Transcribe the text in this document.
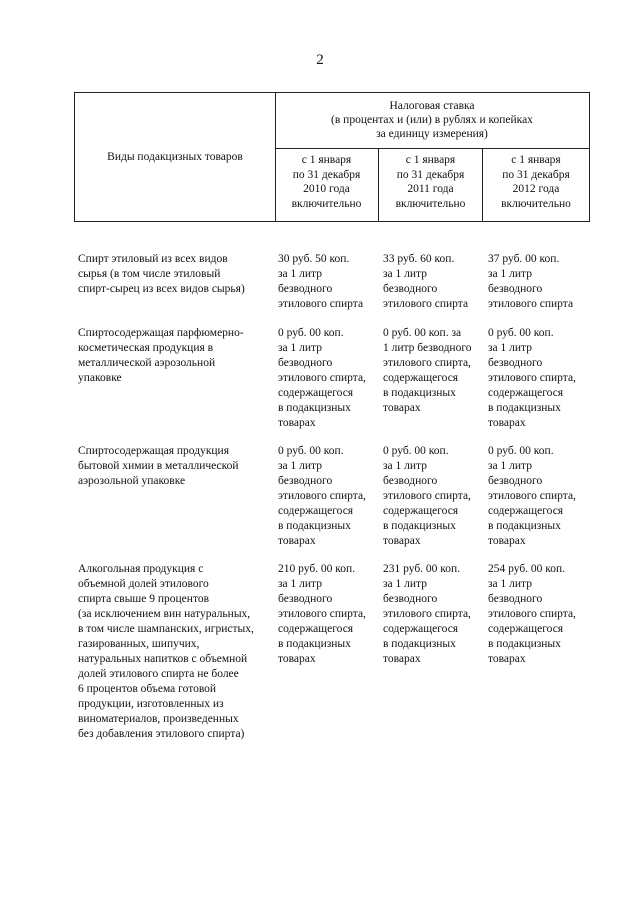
2
Виды подакцизных товаров
Налоговая ставка
(в процентах и (или) в рублях и копейках
за единицу измерения)
с 1 января
по 31 декабря
2010 года
включительно
с 1 января
по 31 декабря
2011 года
включительно
с 1 января
по 31 декабря
2012 года
включительно
Спирт этиловый из всех видов
сырья (в том числе этиловый
спирт-сырец из всех видов сырья)
30 руб. 50 коп.
за 1 литр
безводного
этилового спирта
33 руб. 60 коп.
за 1 литр
безводного
этилового спирта
37 руб. 00 коп.
за 1 литр
безводного
этилового спирта
Спиртосодержащая парфюмерно-
косметическая продукция в
металлической аэрозольной
упаковке
0 руб. 00 коп.
за 1 литр
безводного
этилового спирта,
содержащегося
в подакцизных
товарах
0 руб. 00 коп. за
1 литр безводного
этилового спирта,
содержащегося
в подакцизных
товарах
0 руб. 00 коп.
за 1 литр
безводного
этилового спирта,
содержащегося
в подакцизных
товарах
Спиртосодержащая продукция
бытовой химии в металлической
аэрозольной упаковке
0 руб. 00 коп.
за 1 литр
безводного
этилового спирта,
содержащегося
в подакцизных
товарах
0 руб. 00 коп.
за 1 литр
безводного
этилового спирта,
содержащегося
в подакцизных
товарах
0 руб. 00 коп.
за 1 литр
безводного
этилового спирта,
содержащегося
в подакцизных
товарах
Алкогольная продукция с
объемной долей этилового
спирта свыше 9 процентов
(за исключением вин натуральных,
в том числе шампанских, игристых,
газированных, шипучих,
натуральных напитков с объемной
долей этилового спирта не более
6 процентов объема готовой
продукции, изготовленных из
виноматериалов, произведенных
без добавления этилового спирта)
210 руб. 00 коп.
за 1 литр
безводного
этилового спирта,
содержащегося
в подакцизных
товарах
231 руб. 00 коп.
за 1 литр
безводного
этилового спирта,
содержащегося
в подакцизных
товарах
254 руб. 00 коп.
за 1 литр
безводного
этилового спирта,
содержащегося
в подакцизных
товарах
